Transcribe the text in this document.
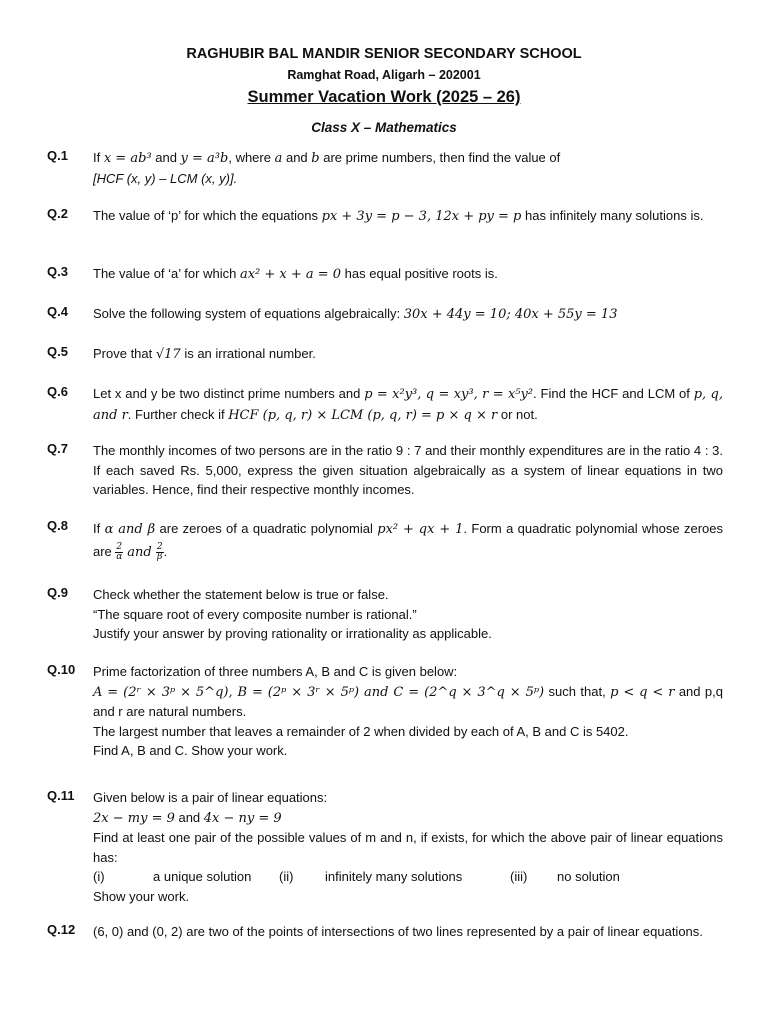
RAGHUBIR BAL MANDIR SENIOR SECONDARY SCHOOL
Ramghat Road, Aligarh – 202001
Summer Vacation Work (2025 – 26)
Class X – Mathematics
Q.1 If x = ab³ and y = a³b, where a and b are prime numbers, then find the value of

[HCF (x, y) – LCM (x, y)].

Q.2 The value of ‘p’ for which the equations px + 3y = p − 3, 12x + py = p has infinitely many solutions is.

Q.3 The value of ‘a’ for which ax² + x + a = 0 has equal positive roots is.

Q.4 Solve the following system of equations algebraically: 30x + 44y = 10; 40x + 55y = 13

Q.5 Prove that √17 is an irrational number.

Q.6 Let x and y be two distinct prime numbers and p = x²y³, q = xy³, r = x⁵y². Find the HCF and LCM of p, q, and r. Further check if HCF (p, q, r) × LCM (p, q, r) = p × q × r or not.

Q.7 The monthly incomes of two persons are in the ratio 9 : 7 and their monthly expenditures are in the ratio 4 : 3. If each saved Rs. 5,000, express the given situation algebraically as a system of linear equations in two variables. Hence, find their respective monthly incomes.

Q.8 If α and β are zeroes of a quadratic polynomial px² + qx + 1. Form a quadratic polynomial whose zeroes are $\frac{2}{\alpha}$ and $\frac{2}{\beta}$ .

Q.9 Check whether the statement below is true or false.

“The square root of every composite number is rational.”

Justify your answer by proving rationality or irrationality as applicable.

Q.10 Prime factorization of three numbers A, B and C is given below:

A = (2ʳ × 3ᵖ × 5^q), B = (2ᵖ × 3ʳ × 5ᵖ) and C = (2^q × 3^q × 5ᵖ) such that, p < q < r and p,q and r are natural numbers.

The largest number that leaves a remainder of 2 when divided by each of A, B and C is 5402.

Find A, B and C. Show your work.

Q.11 Given below is a pair of linear equations:

2x − my = 9 and 4x − ny = 9

Find at least one pair of the possible values of m and n, if exists, for which the above pair of linear equations has:

(i)	a unique solution	(ii)	infinitely many solutions	(iii)	no solution

Show your work.

Q.12 (6, 0) and (0, 2) are two of the points of intersections of two lines represented by a pair of linear equations.
